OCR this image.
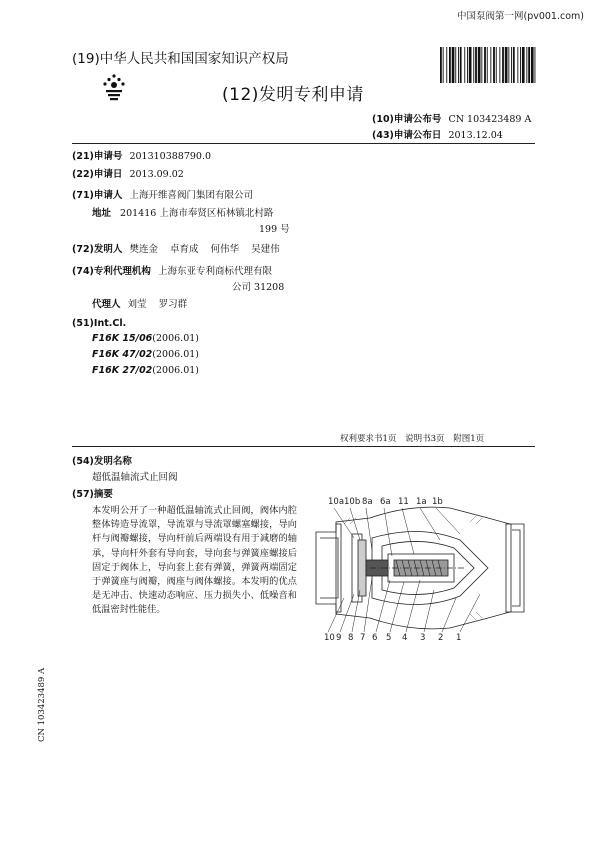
中国泵阀第一网(pv001.com)
(19)中华人民共和国国家知识产权局
(12)发明专利申请
(10)申请公布号 CN 103423489 A
(43)申请公布日 2013.12.04
(21)申请号 201310388790.0
(22)申请日 2013.09.02
(71)申请人 上海开维喜阀门集团有限公司
地址 201416 上海市奉贤区柘林镇北村路
199 号
(72)发明人 樊连金 卓育成 何伟华 吴建伟
(74)专利代理机构 上海东亚专利商标代理有限
公司 31208
代理人 刘莹 罗习群
(51)Int.Cl.
F16K 15/06(2006.01)
F16K 47/02(2006.01)
F16K 27/02(2006.01)
权利要求书1页 说明书3页 附图1页
(54)发明名称
超低温轴流式止回阀
(57)摘要
本发明公开了一种超低温轴流式止回阀，阀体内腔整体铸造导流罩，导流罩与导流罩螺塞螺接，导向杆与阀瓣螺接，导向杆前后两端设有用于减磨的轴承，导向杆外套有导向套，导向套与弹簧座螺接后固定于阀体上，导向套上套有弹簧，弹簧两端固定于弹簧座与阀瓣，阀座与阀体螺接。本发明的优点是无冲击、快速动态响应、压力损失小、低噪音和低温密封性能佳。
10a 10b 8a 6a 11 1a 1b
10 9 8 7 6 5 4 3 2 1
CN 103423489 A
